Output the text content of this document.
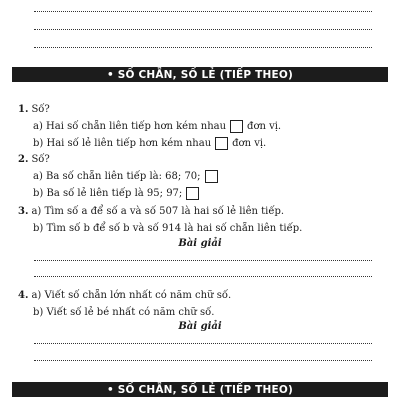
• SỐ CHẴN, SỐ LẺ (TIẾP THEO)
1. Số?
a) Hai số chẵn liên tiếp hơn kém nhau đơn vị.
b) Hai số lẻ liên tiếp hơn kém nhau đơn vị.
2. Số?
a) Ba số chẵn liên tiếp là: 68; 70;
b) Ba số lẻ liên tiếp là 95; 97;
3. a) Tìm số a để số a và số 507 là hai số lẻ liên tiếp.
b) Tìm số b để số b và số 914 là hai số chẵn liên tiếp.
Bài giải
4. a) Viết số chẵn lớn nhất có năm chữ số.
b) Viết số lẻ bé nhất có năm chữ số.
Bài giải
• SỐ CHẴN, SỐ LẺ (TIẾP THEO)
